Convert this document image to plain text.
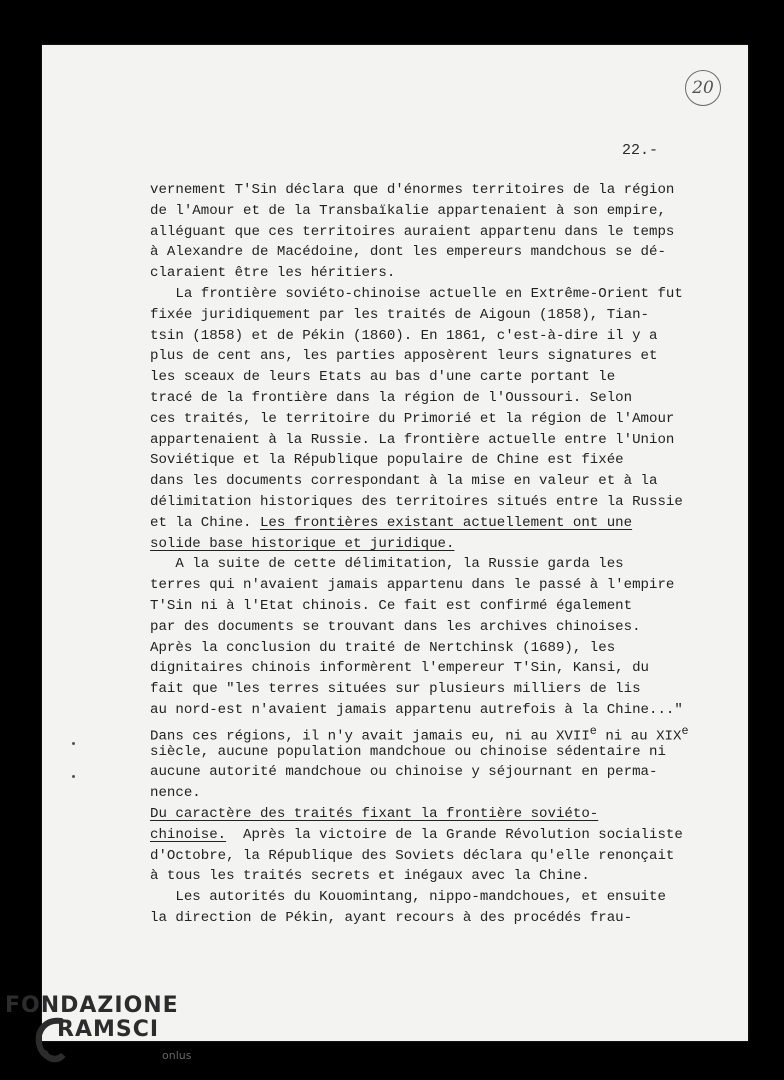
20
22.-
vernement T'Sin déclara que d'énormes territoires de la région
de l'Amour et de la Transbaïkalie appartenaient à son empire,
alléguant que ces territoires auraient appartenu dans le temps
à Alexandre de Macédoine, dont les empereurs mandchous se dé-
claraient être les héritiers.
La frontière soviéto-chinoise actuelle en Extrême-Orient fut
fixée juridiquement par les traités de Aigoun (1858), Tian-
tsin (1858) et de Pékin (1860). En 1861, c'est-à-dire il y a
plus de cent ans, les parties apposèrent leurs signatures et
les sceaux de leurs Etats au bas d'une carte portant le
tracé de la frontière dans la région de l'Oussouri. Selon
ces traités, le territoire du Primorié et la région de l'Amour
appartenaient à la Russie. La frontière actuelle entre l'Union
Soviétique et la République populaire de Chine est fixée
dans les documents correspondant à la mise en valeur et à la
délimitation historiques des territoires situés entre la Russie
et la Chine. Les frontières existant actuellement ont une
solide base historique et juridique.
A la suite de cette délimitation, la Russie garda les
terres qui n'avaient jamais appartenu dans le passé à l'empire
T'Sin ni à l'Etat chinois. Ce fait est confirmé également
par des documents se trouvant dans les archives chinoises.
Après la conclusion du traité de Nertchinsk (1689), les
dignitaires chinois informèrent l'empereur T'Sin, Kansi, du
fait que "les terres situées sur plusieurs milliers de lis
au nord-est n'avaient jamais appartenu autrefois à la Chine..."
Dans ces régions, il n'y avait jamais eu, ni au XVIIe ni au XIXe
siècle, aucune population mandchoue ou chinoise sédentaire ni
aucune autorité mandchoue ou chinoise y séjournant en perma-
nence.
Du caractère des traités fixant la frontière soviéto-
chinoise.  Après la victoire de la Grande Révolution socialiste
d'Octobre, la République des Soviets déclara qu'elle renonçait
à tous les traités secrets et inégaux avec la Chine.
Les autorités du Kouomintang, nippo-mandchoues, et ensuite
la direction de Pékin, ayant recours à des procédés frau-
FONDAZIONE
RAMSCI
onlus
